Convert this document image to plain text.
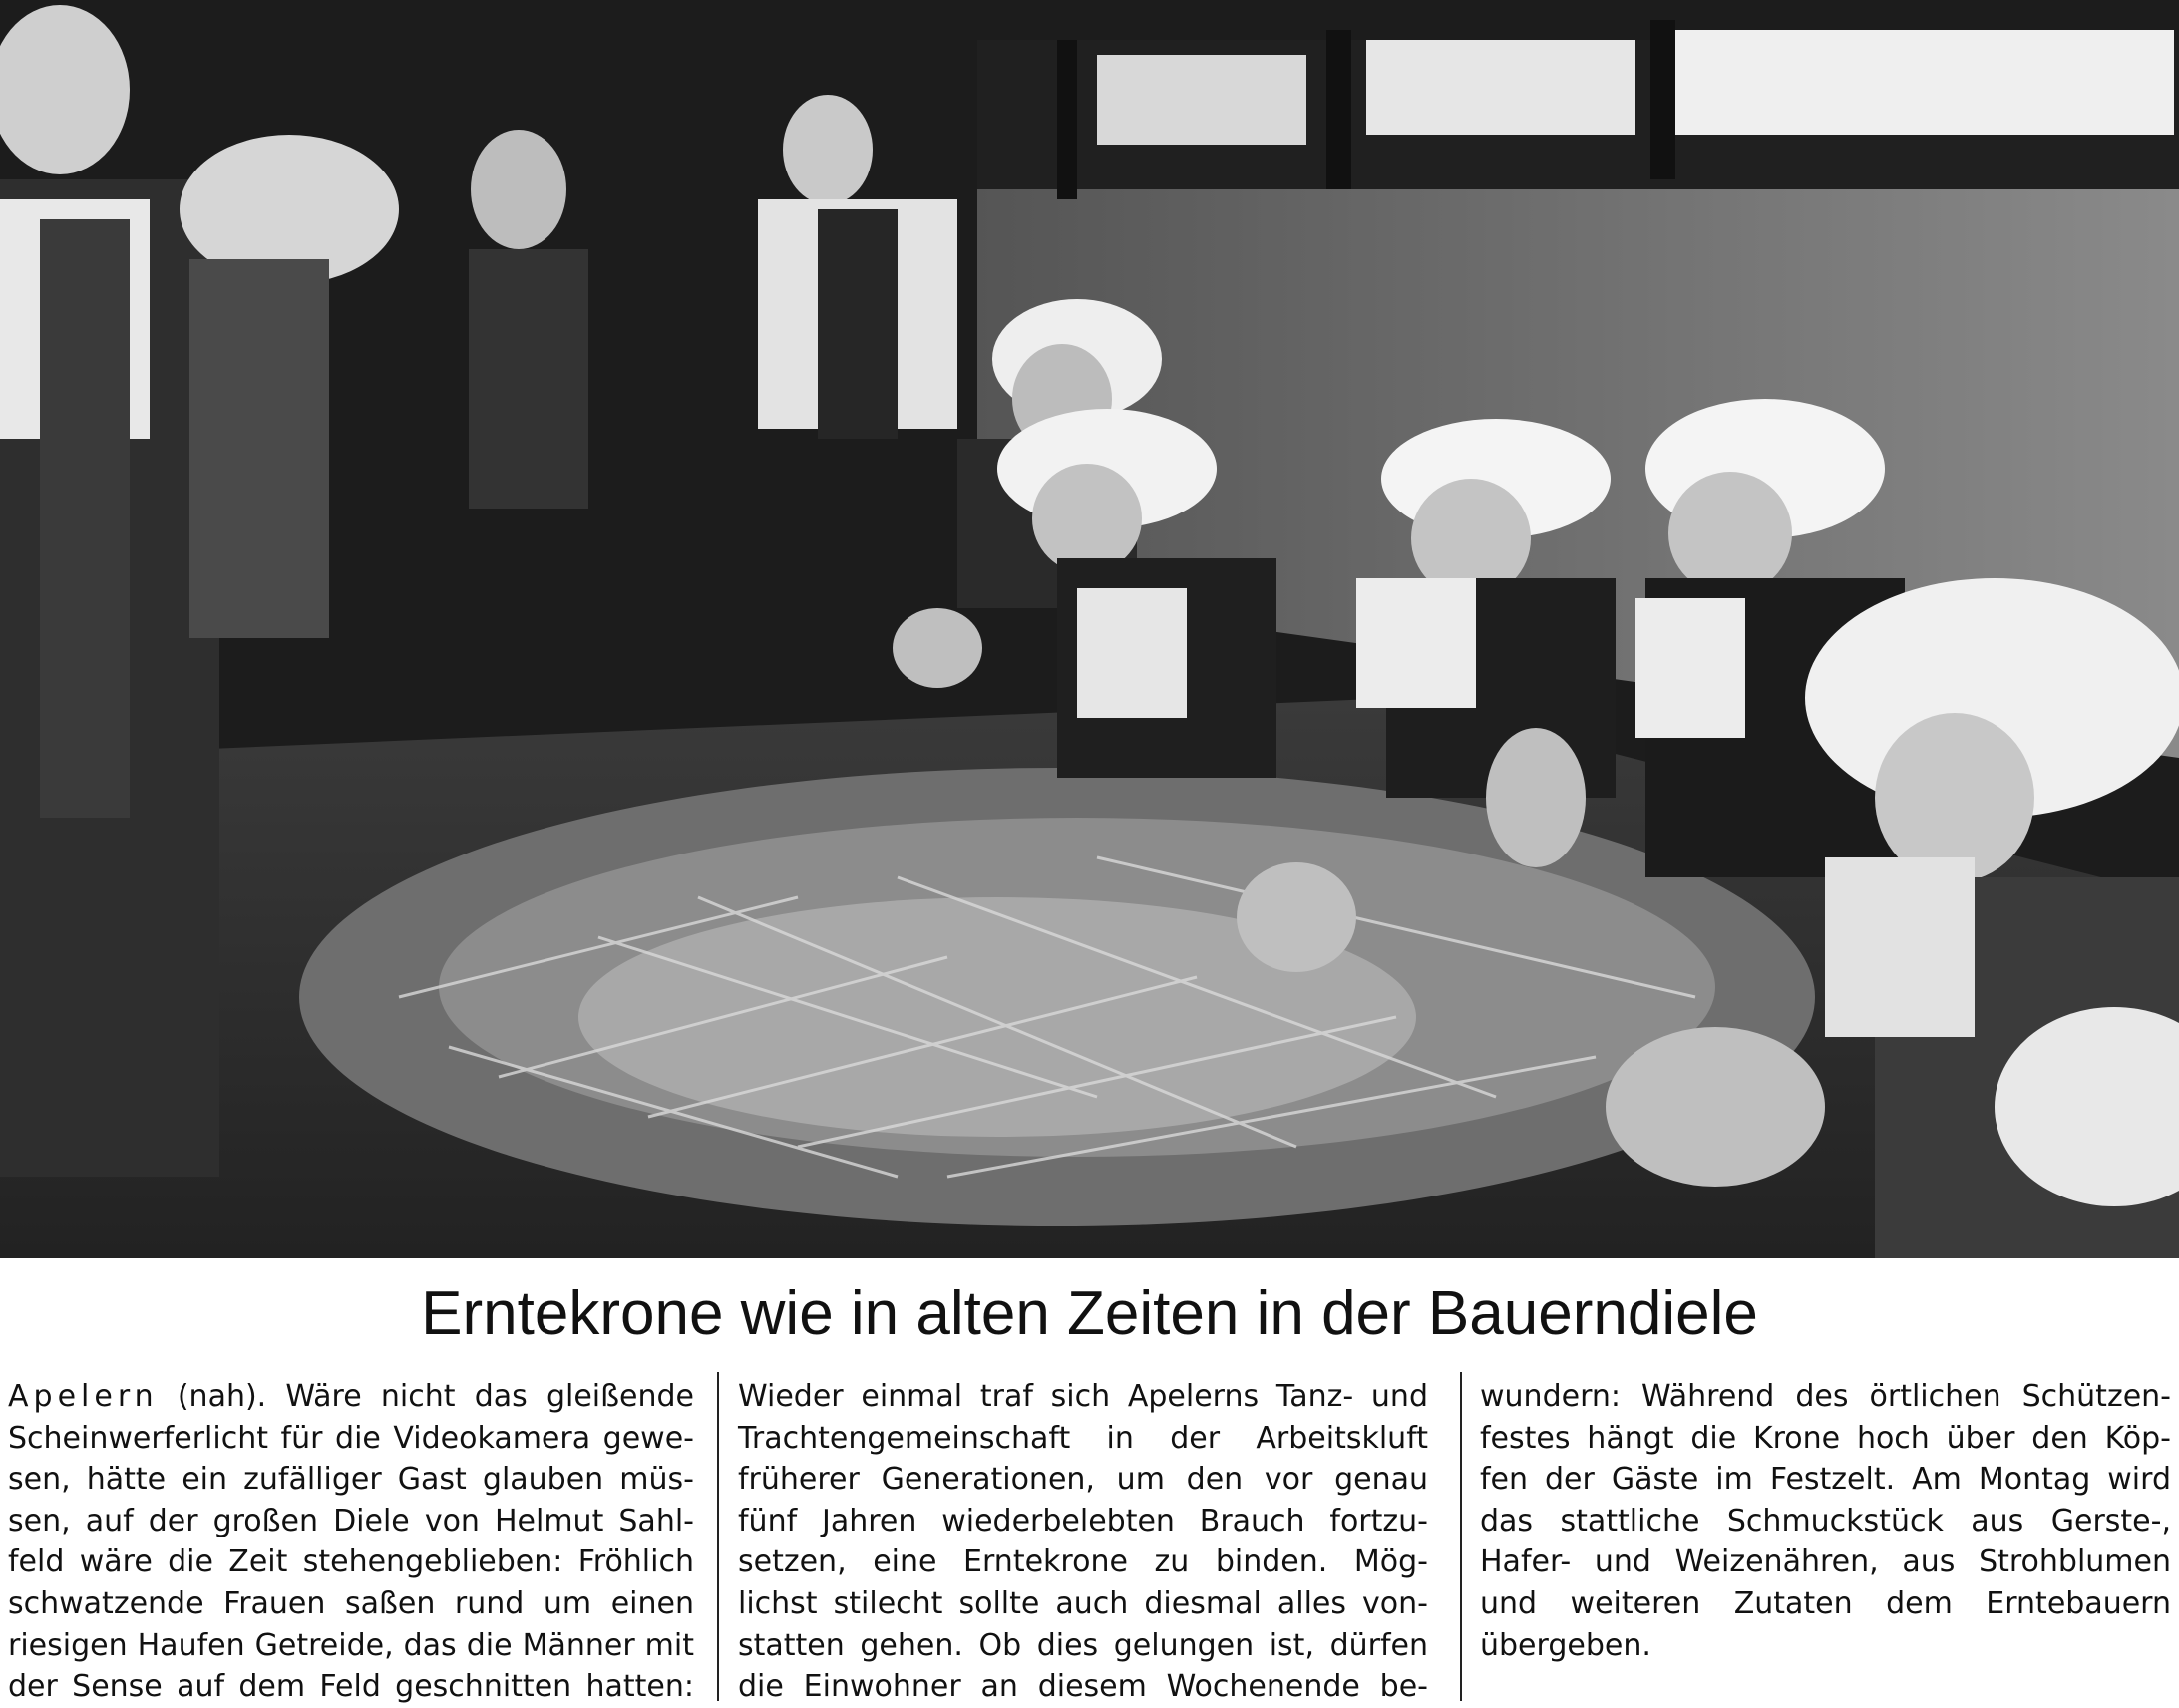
Erntekrone wie in alten Zeiten in der Bauerndiele
Apelern (nah). Wäre nicht das gleißende
Scheinwerferlicht für die Videokamera gewe-
sen, hätte ein zufälliger Gast glauben müs-
sen, auf der großen Diele von Helmut Sahl-
feld wäre die Zeit stehengeblieben: Fröhlich
schwatzende Frauen saßen rund um einen
riesigen Haufen Getreide, das die Männer mit
der Sense auf dem Feld geschnitten hatten:
Wieder einmal traf sich Apelerns Tanz- und
Trachtengemeinschaft in der Arbeitskluft
früherer Generationen, um den vor genau
fünf Jahren wiederbelebten Brauch fortzu-
setzen, eine Erntekrone zu binden. Mög-
lichst stilecht sollte auch diesmal alles von-
statten gehen. Ob dies gelungen ist, dürfen
die Einwohner an diesem Wochenende be-
wundern: Während des örtlichen Schützen-
festes hängt die Krone hoch über den Köp-
fen der Gäste im Festzelt. Am Montag wird
das stattliche Schmuckstück aus Gerste-,
Hafer- und Weizenähren, aus Strohblumen
und weiteren Zutaten dem Erntebauern
übergeben.
